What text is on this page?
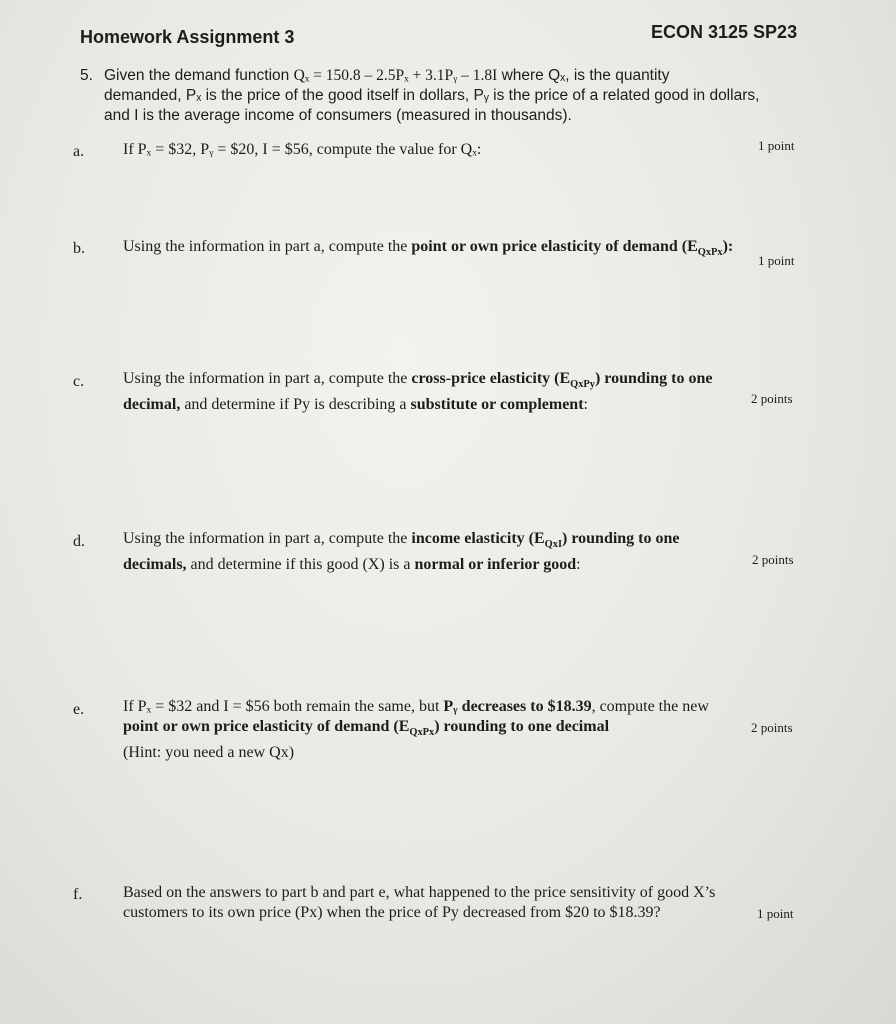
Homework Assignment 3	ECON 3125 SP23
5. Given the demand function Qₓ = 150.8 – 2.5Pₓ + 3.1Pᵧ – 1.8I where Qₓ, is the quantity
demanded, Pₓ is the price of the good itself in dollars, Pᵧ is the price of a related good in dollars,
and I is the average income of consumers (measured in thousands).
a. If Pₓ = $32, Pᵧ = $20, I = $56, compute the value for Qₓ:	1 point
b. Using the information in part a, compute the point or own price elasticity of demand $(E_{QxPx})$:
1 point
c. Using the information in part a, compute the cross-price elasticity $(E_{QxPy})$ rounding to one
decimal, and determine if Py is describing a substitute or complement:	2 points
d. Using the information in part a, compute the income elasticity $(E_{QxI})$ rounding to one
decimals, and determine if this good (X) is a normal or inferior good:	2 points
e. If Pₓ = $32 and I = $56 both remain the same, but Pᵧ decreases to $18.39, compute the new
point or own price elasticity of demand $(E_{QxPx})$ rounding to one decimal
(Hint: you need a new Qx)
2 points
f.	Based on the answers to part b and part e, what happened to the price sensitivity of good X’s
customers to its own price (Px) when the price of Py decreased from $20 to $18.39?	1 point
